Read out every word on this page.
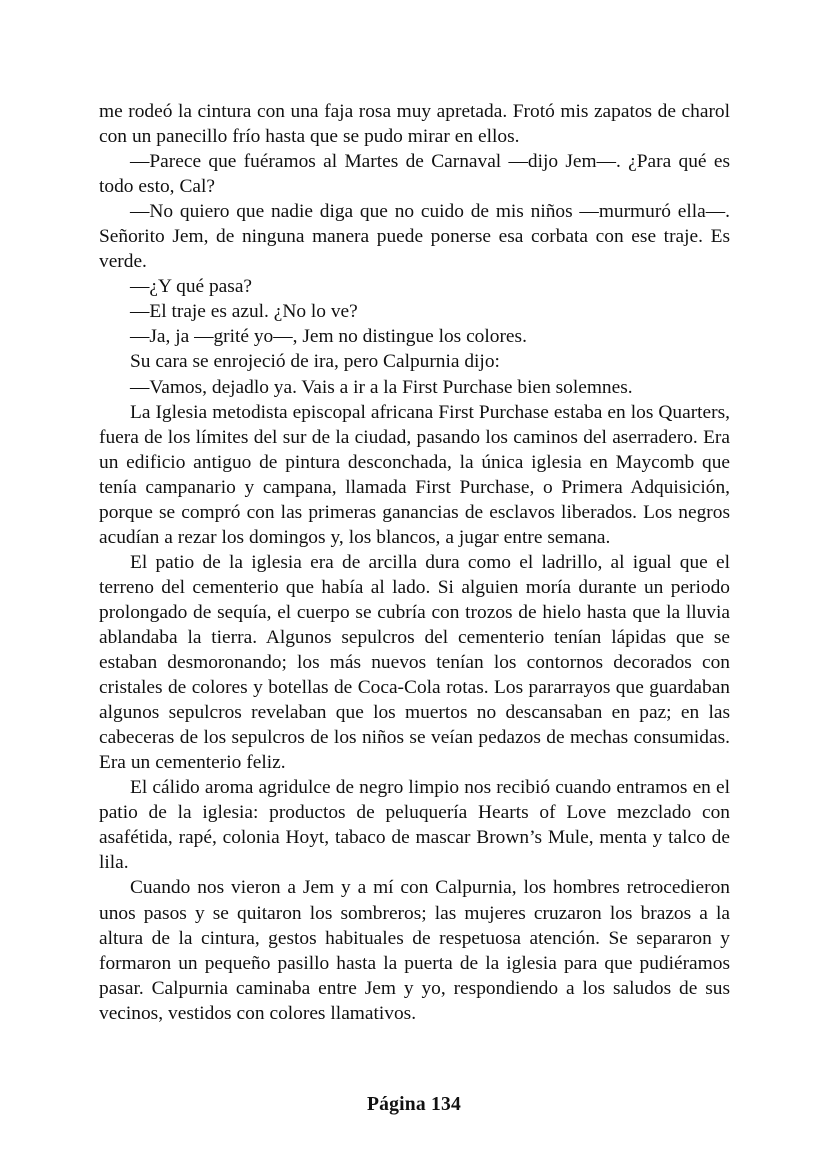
me rodeó la cintura con una faja rosa muy apretada. Frotó mis zapatos de charol con un panecillo frío hasta que se pudo mirar en ellos.

—Parece que fuéramos al Martes de Carnaval —dijo Jem—. ¿Para qué es todo esto, Cal?

—No quiero que nadie diga que no cuido de mis niños —murmuró ella—. Señorito Jem, de ninguna manera puede ponerse esa corbata con ese traje. Es verde.

—¿Y qué pasa?

—El traje es azul. ¿No lo ve?

—Ja, ja —grité yo—, Jem no distingue los colores.

Su cara se enrojeció de ira, pero Calpurnia dijo:

—Vamos, dejadlo ya. Vais a ir a la First Purchase bien solemnes.

La Iglesia metodista episcopal africana First Purchase estaba en los Quarters, fuera de los límites del sur de la ciudad, pasando los caminos del aserradero. Era un edificio antiguo de pintura desconchada, la única iglesia en Maycomb que tenía campanario y campana, llamada First Purchase, o Primera Adquisición, porque se compró con las primeras ganancias de esclavos liberados. Los negros acudían a rezar los domingos y, los blancos, a jugar entre semana.

El patio de la iglesia era de arcilla dura como el ladrillo, al igual que el terreno del cementerio que había al lado. Si alguien moría durante un periodo prolongado de sequía, el cuerpo se cubría con trozos de hielo hasta que la lluvia ablandaba la tierra. Algunos sepulcros del cementerio tenían lápidas que se estaban desmoronando; los más nuevos tenían los contornos decorados con cristales de colores y botellas de Coca-Cola rotas. Los pararrayos que guardaban algunos sepulcros revelaban que los muertos no descansaban en paz; en las cabeceras de los sepulcros de los niños se veían pedazos de mechas consumidas. Era un cementerio feliz.

El cálido aroma agridulce de negro limpio nos recibió cuando entramos en el patio de la iglesia: productos de peluquería Hearts of Love mezclado con asafétida, rapé, colonia Hoyt, tabaco de mascar Brown’s Mule, menta y talco de lila.

Cuando nos vieron a Jem y a mí con Calpurnia, los hombres retrocedieron unos pasos y se quitaron los sombreros; las mujeres cruzaron los brazos a la altura de la cintura, gestos habituales de respetuosa atención. Se separaron y formaron un pequeño pasillo hasta la puerta de la iglesia para que pudiéramos pasar. Calpurnia caminaba entre Jem y yo, respondiendo a los saludos de sus vecinos, vestidos con colores llamativos.

Página 134
